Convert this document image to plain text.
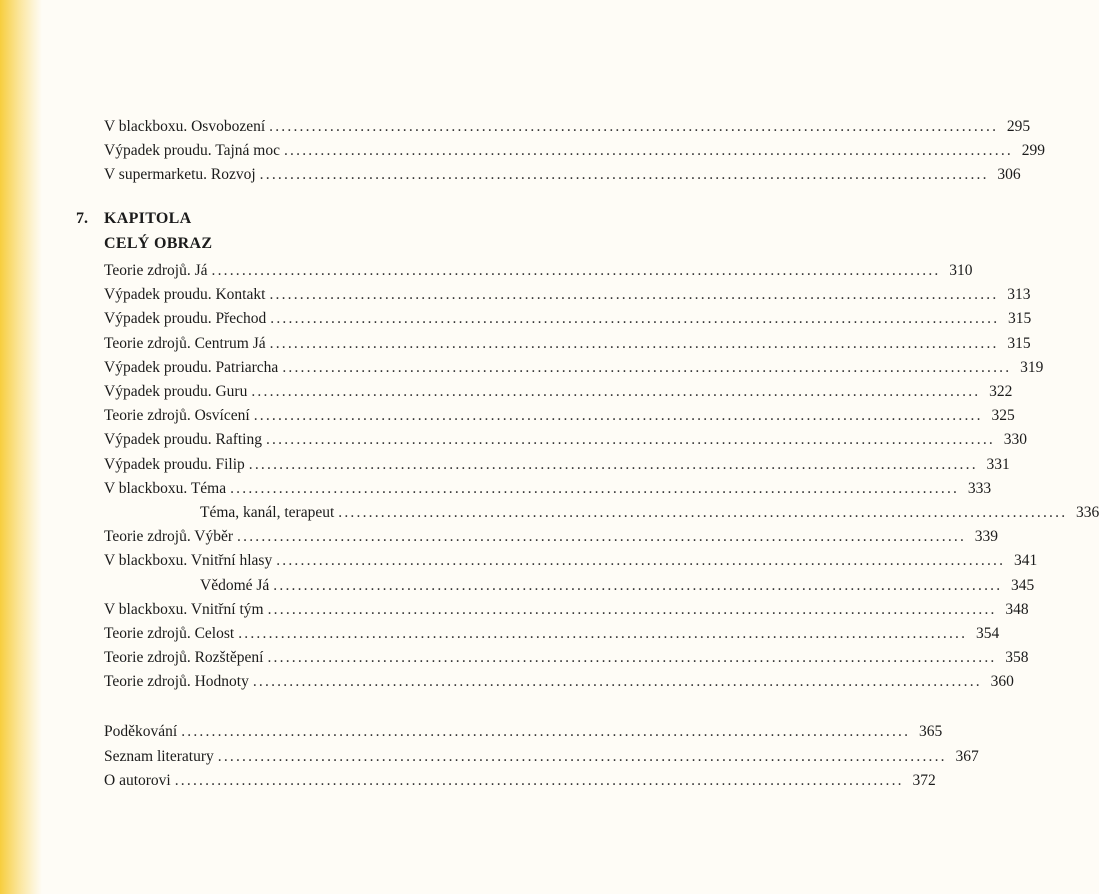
V blackboxu. Osvobození ........................................................................................................................ 295
Výpadek proudu. Tajná moc ........................................................................................................................ 299
V supermarketu. Rozvoj ........................................................................................................................ 306
7. KAPITOLA
CELÝ OBRAZ
Teorie zdrojů. Já ........................................................................................................................ 310
Výpadek proudu. Kontakt ........................................................................................................................ 313
Výpadek proudu. Přechod ........................................................................................................................ 315
Teorie zdrojů. Centrum Já ........................................................................................................................ 315
Výpadek proudu. Patriarcha ........................................................................................................................ 319
Výpadek proudu. Guru ........................................................................................................................ 322
Teorie zdrojů. Osvícení ........................................................................................................................ 325
Výpadek proudu. Rafting ........................................................................................................................ 330
Výpadek proudu. Filip ........................................................................................................................ 331
V blackboxu. Téma ........................................................................................................................ 333
Téma, kanál, terapeut ........................................................................................................................ 336
Teorie zdrojů. Výběr ........................................................................................................................ 339
V blackboxu. Vnitřní hlasy ........................................................................................................................ 341
Vědomé Já ........................................................................................................................ 345
V blackboxu. Vnitřní tým ........................................................................................................................ 348
Teorie zdrojů. Celost ........................................................................................................................ 354
Teorie zdrojů. Rozštěpení ........................................................................................................................ 358
Teorie zdrojů. Hodnoty ........................................................................................................................ 360
Poděkování ........................................................................................................................ 365
Seznam literatury ........................................................................................................................ 367
O autorovi ........................................................................................................................ 372
